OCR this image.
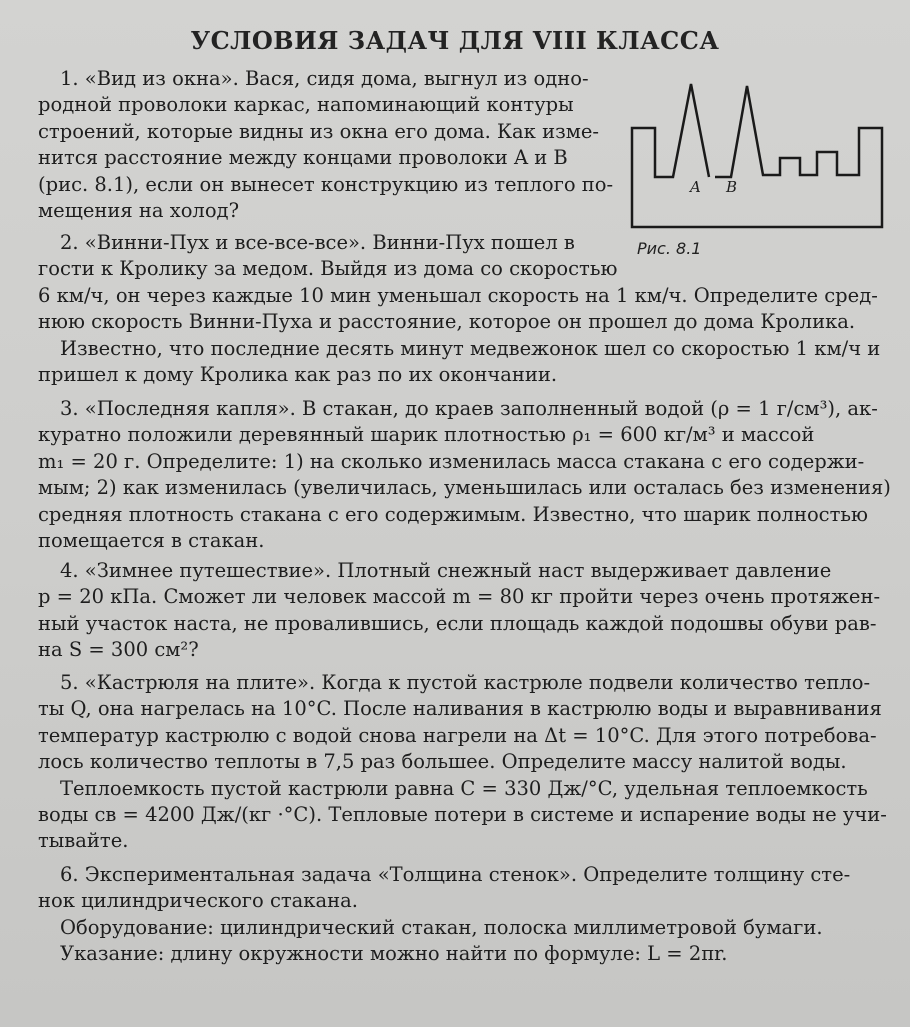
УСЛОВИЯ ЗАДАЧ ДЛЯ VIII КЛАССА
A B
Рис. 8.1
1. «Вид из окна». Вася, сидя дома, выгнул из одно-
родной проволоки каркас, напоминающий контуры
строений, которые видны из окна его дома. Как изме-
нится расстояние между концами проволоки A и B
(рис. 8.1), если он вынесет конструкцию из теплого по-
мещения на холод?
2. «Винни-Пух и все-все-все». Винни-Пух пошел в
гости к Кролику за медом. Выйдя из дома со скоростью
6 км/ч, он через каждые 10 мин уменьшал скорость на 1 км/ч. Определите сред-
нюю скорость Винни-Пуха и расстояние, которое он прошел до дома Кролика.
Известно, что последние десять минут медвежонок шел со скоростью 1 км/ч и
пришел к дому Кролика как раз по их окончании.
3. «Последняя капля». В стакан, до краев заполненный водой (ρ = 1 г/см³), ак-
куратно положили деревянный шарик плотностью ρ₁ = 600 кг/м³ и массой
m₁ = 20 г. Определите: 1) на сколько изменилась масса стакана с его содержи-
мым; 2) как изменилась (увеличилась, уменьшилась или осталась без изменения)
средняя плотность стакана с его содержимым. Известно, что шарик полностью
помещается в стакан.
4. «Зимнее путешествие». Плотный снежный наст выдерживает давление
p = 20 кПа. Сможет ли человек массой m = 80 кг пройти через очень протяжен-
ный участок наста, не провалившись, если площадь каждой подошвы обуви рав-
на S = 300 см²?
5. «Кастрюля на плите». Когда к пустой кастрюле подвели количество тепло-
ты Q, она нагрелась на 10°C. После наливания в кастрюлю воды и выравнивания
температур кастрюлю с водой снова нагрели на Δt = 10°C. Для этого потребова-
лось количество теплоты в 7,5 раз большее. Определите массу налитой воды.
Теплоемкость пустой кастрюли равна C = 330 Дж/°C, удельная теплоемкость
воды cв = 4200 Дж/(кг ·°C). Тепловые потери в системе и испарение воды не учи-
тывайте.
6. Экспериментальная задача «Толщина стенок». Определите толщину сте-
нок цилиндрического стакана.
Оборудование: цилиндрический стакан, полоска миллиметровой бумаги.
Указание: длину окружности можно найти по формуле: L = 2πr.
